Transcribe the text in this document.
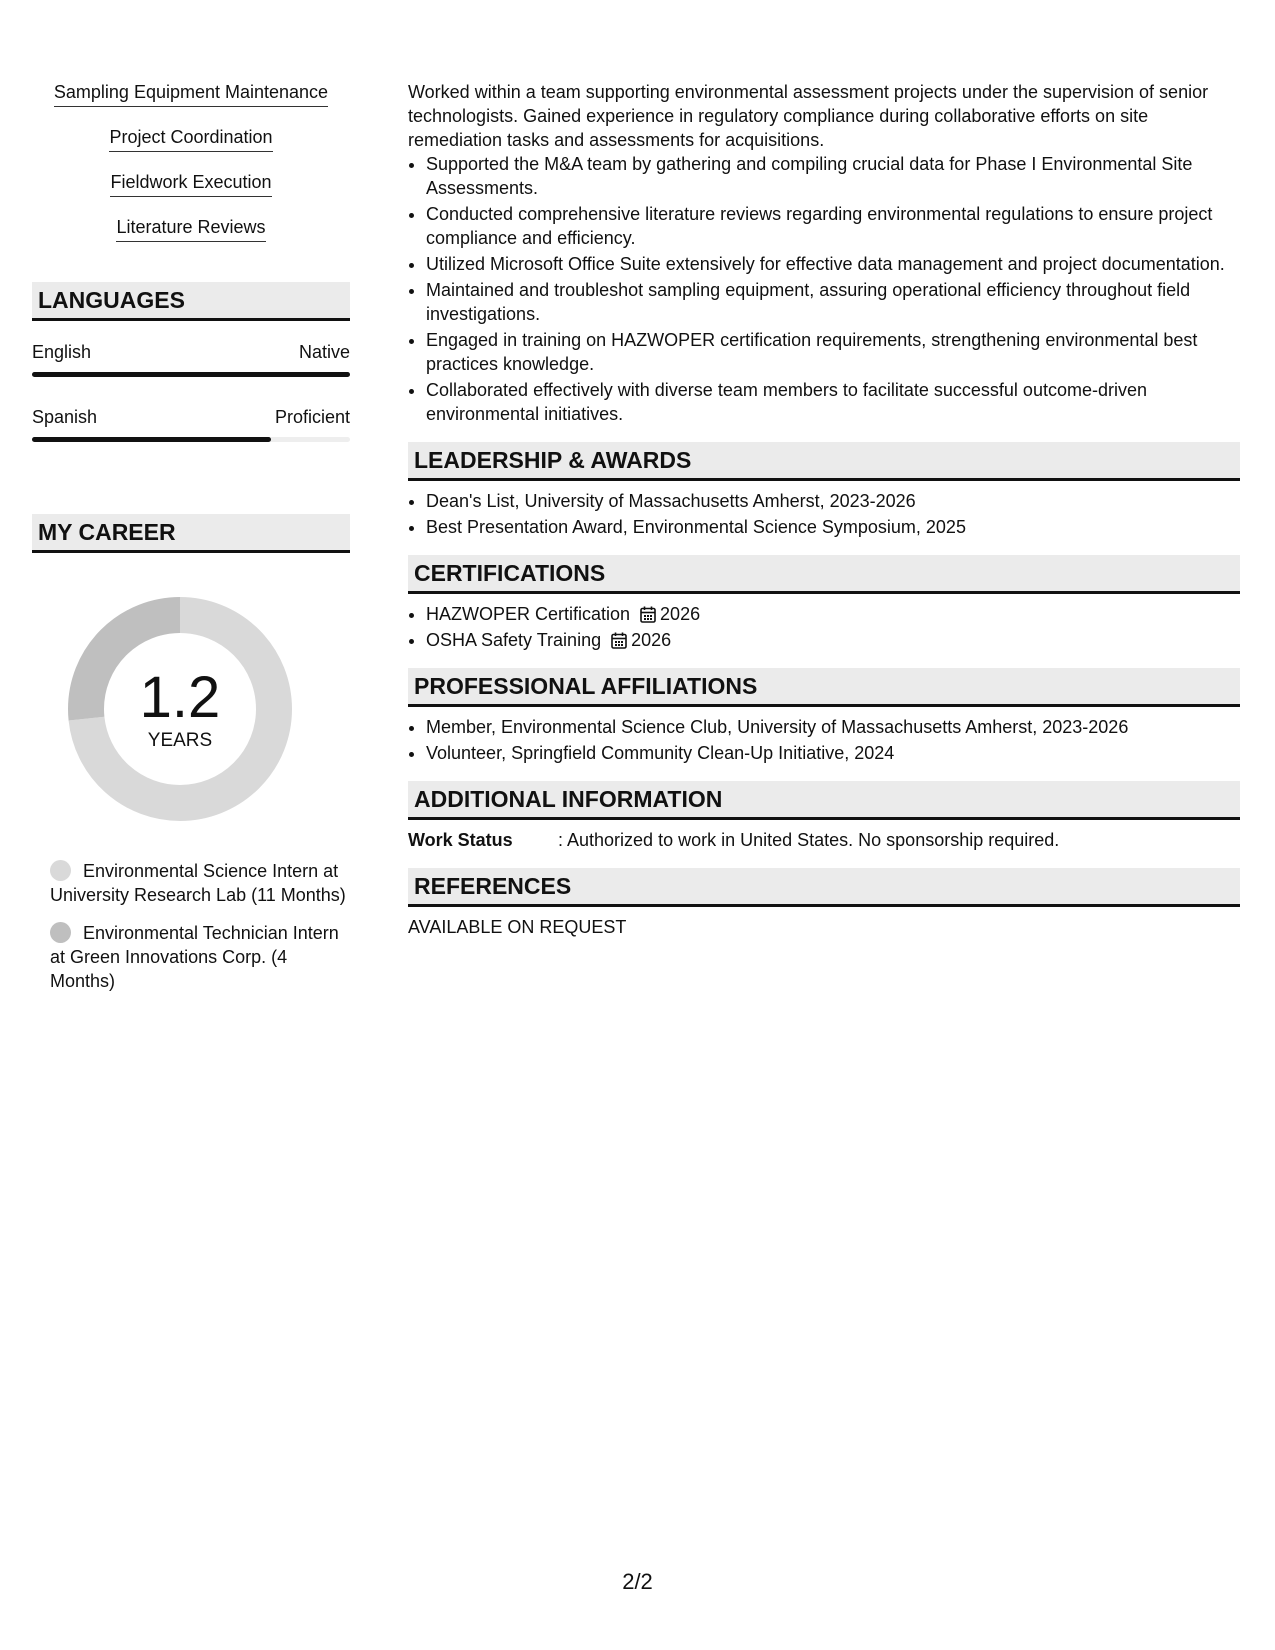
Sampling Equipment Maintenance
Project Coordination
Fieldwork Execution
Literature Reviews
LANGUAGES
English	Native
Spanish	Proficient
MY CAREER
1.2
YEARS
Environmental Science Intern at University Research Lab (11 Months)
Environmental Technician Intern at Green Innovations Corp. (4 Months)

Worked within a team supporting environmental assessment projects under the supervision of senior technologists. Gained experience in regulatory compliance during collaborative efforts on site remediation tasks and assessments for acquisitions.

• Supported the M&A team by gathering and compiling crucial data for Phase I Environmental Site Assessments.
• Conducted comprehensive literature reviews regarding environmental regulations to ensure project compliance and efficiency.
• Utilized Microsoft Office Suite extensively for effective data management and project documentation.
• Maintained and troubleshot sampling equipment, assuring operational efficiency throughout field investigations.
• Engaged in training on HAZWOPER certification requirements, strengthening environmental best practices knowledge.
• Collaborated effectively with diverse team members to facilitate successful outcome-driven environmental initiatives.
LEADERSHIP & AWARDS
• Dean's List, University of Massachusetts Amherst, 2023-2026
• Best Presentation Award, Environmental Science Symposium, 2025
CERTIFICATIONS
• HAZWOPER Certification 2026
• OSHA Safety Training 2026
PROFESSIONAL AFFILIATIONS
• Member, Environmental Science Club, University of Massachusetts Amherst, 2023-2026
• Volunteer, Springfield Community Clean-Up Initiative, 2024
ADDITIONAL INFORMATION
Work Status	: Authorized to work in United States. No sponsorship required.
REFERENCES

AVAILABLE ON REQUEST

2/2
